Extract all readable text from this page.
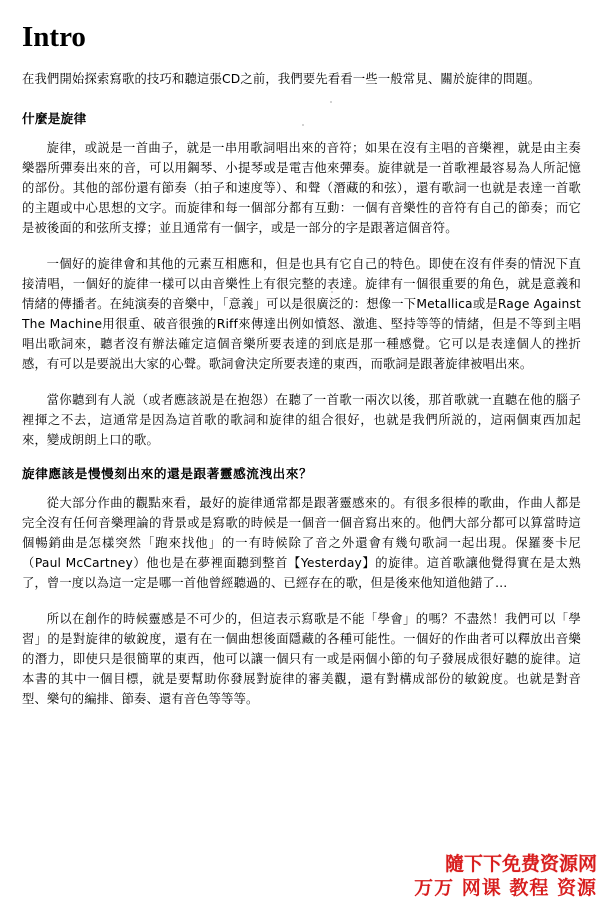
Intro

在我們開始探索寫歌的技巧和聽這張CD之前，我們要先看看一些一般常見、關於旋律的問題。

什麼是旋律

旋律，或説是一首曲子，就是一串用歌詞唱出來的音符；如果在沒有主唱的音樂裡，就是由主奏樂器所彈奏出來的音，可以用鋼琴、小提琴或是電吉他來彈奏。旋律就是一首歌裡最容易為人所記憶的部份。其他的部份還有節奏（拍子和速度等）、和聲（潛藏的和弦），還有歌詞一也就是表達一首歌的主題或中心思想的文字。而旋律和每一個部分都有互動：一個有音樂性的音符有自己的節奏；而它是被後面的和弦所支撐；並且通常有一個字，或是一部分的字是跟著這個音符。

一個好的旋律會和其他的元素互相應和，但是也具有它自己的特色。即使在沒有伴奏的情況下直接清唱，一個好的旋律一樣可以由音樂性上有很完整的表達。旋律有一個很重要的角色，就是意義和情緒的傳播者。在純演奏的音樂中，「意義」可以是很廣泛的：想像一下Metallica或是Rage Against The Machine用很重、破音很強的Riff來傳達出例如憤怒、激進、堅持等等的情緒，但是不等到主唱唱出歌詞來，聽者沒有辦法確定這個音樂所要表達的到底是那一種感覺。它可以是表達個人的挫折感，有可以是要説出大家的心聲。歌詞會決定所要表達的東西，而歌詞是跟著旋律被唱出來。

當你聽到有人説（或者應該説是在抱怨）在聽了一首歌一兩次以後，那首歌就一直聽在他的腦子裡揮之不去，這通常是因為這首歌的歌詞和旋律的組合很好，也就是我們所説的，這兩個東西加起來，變成朗朗上口的歌。

旋律應該是慢慢刻出來的還是跟著靈感流洩出來？

從大部分作曲的觀點來看，最好的旋律通常都是跟著靈感來的。有很多很棒的歌曲，作曲人都是完全沒有任何音樂理論的背景或是寫歌的時候是一個音一個音寫出來的。他們大部分都可以算當時這個暢銷曲是怎樣突然「跑來找他」的一有時候除了音之外還會有幾句歌詞一起出現。保羅麥卡尼（Paul McCartney）他也是在夢裡面聽到整首【Yesterday】的旋律。這首歌讓他覺得實在是太熟了，曾一度以為這一定是哪一首他曾經聽過的、已經存在的歌，但是後來他知道他錯了…

所以在創作的時候靈感是不可少的，但這表示寫歌是不能「學會」的嗎？不盡然！我們可以「學習」的是對旋律的敏銳度，還有在一個曲想後面隱藏的各種可能性。一個好的作曲者可以釋放出音樂的潛力，即使只是很簡單的東西，他可以讓一個只有一或是兩個小節的句子發展成很好聽的旋律。這本書的其中一個目標，就是要幫助你發展對旋律的審美觀，還有對構成部份的敏銳度。也就是對音型、樂句的編排、節奏、還有音色等等等。

隨下下免费资源网
万万 网课 教程 资源
